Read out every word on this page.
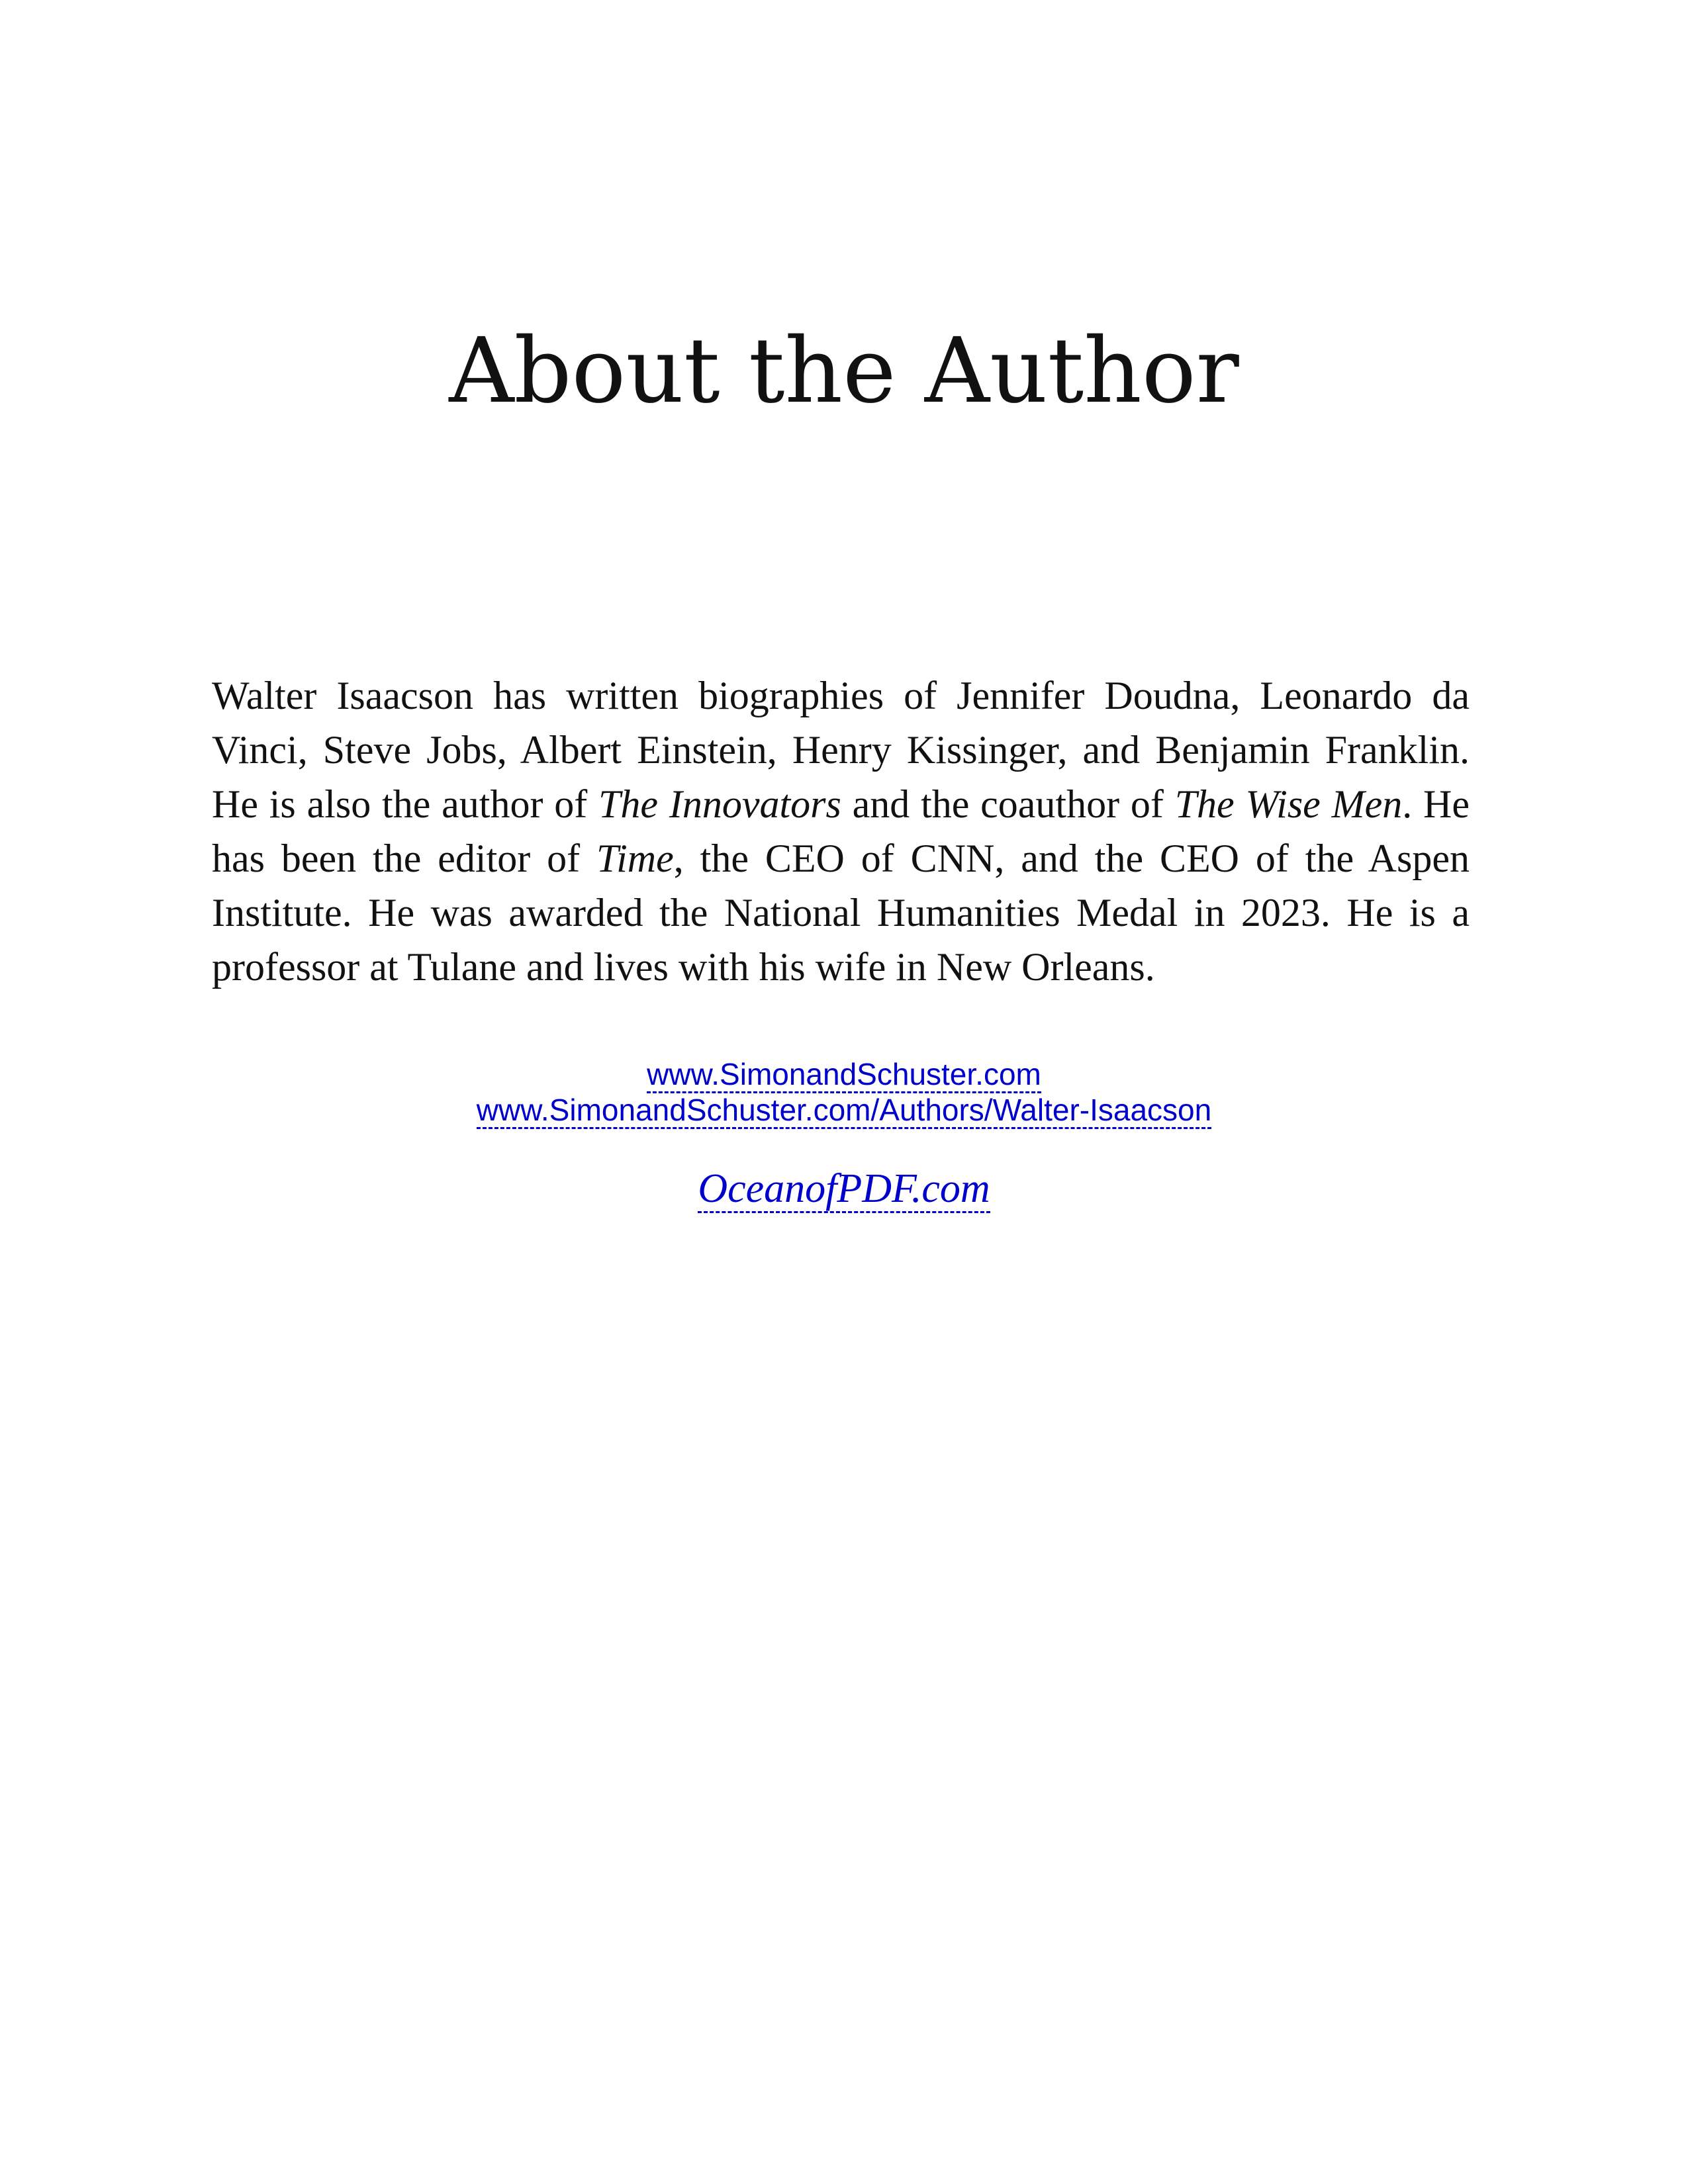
About the Author

Walter Isaacson has written biographies of Jennifer Doudna, Leonardo da Vinci, Steve Jobs, Albert Einstein, Henry Kissinger, and Benjamin Franklin. He is also the author of The Innovators and the coauthor of The Wise Men. He has been the editor of Time, the CEO of CNN, and the CEO of the Aspen Institute. He was awarded the National Humanities Medal in 2023. He is a professor at Tulane and lives with his wife in New Orleans.

www.SimonandSchuster.com
www.SimonandSchuster.com/Authors/Walter-Isaacson
OceanofPDF.com
